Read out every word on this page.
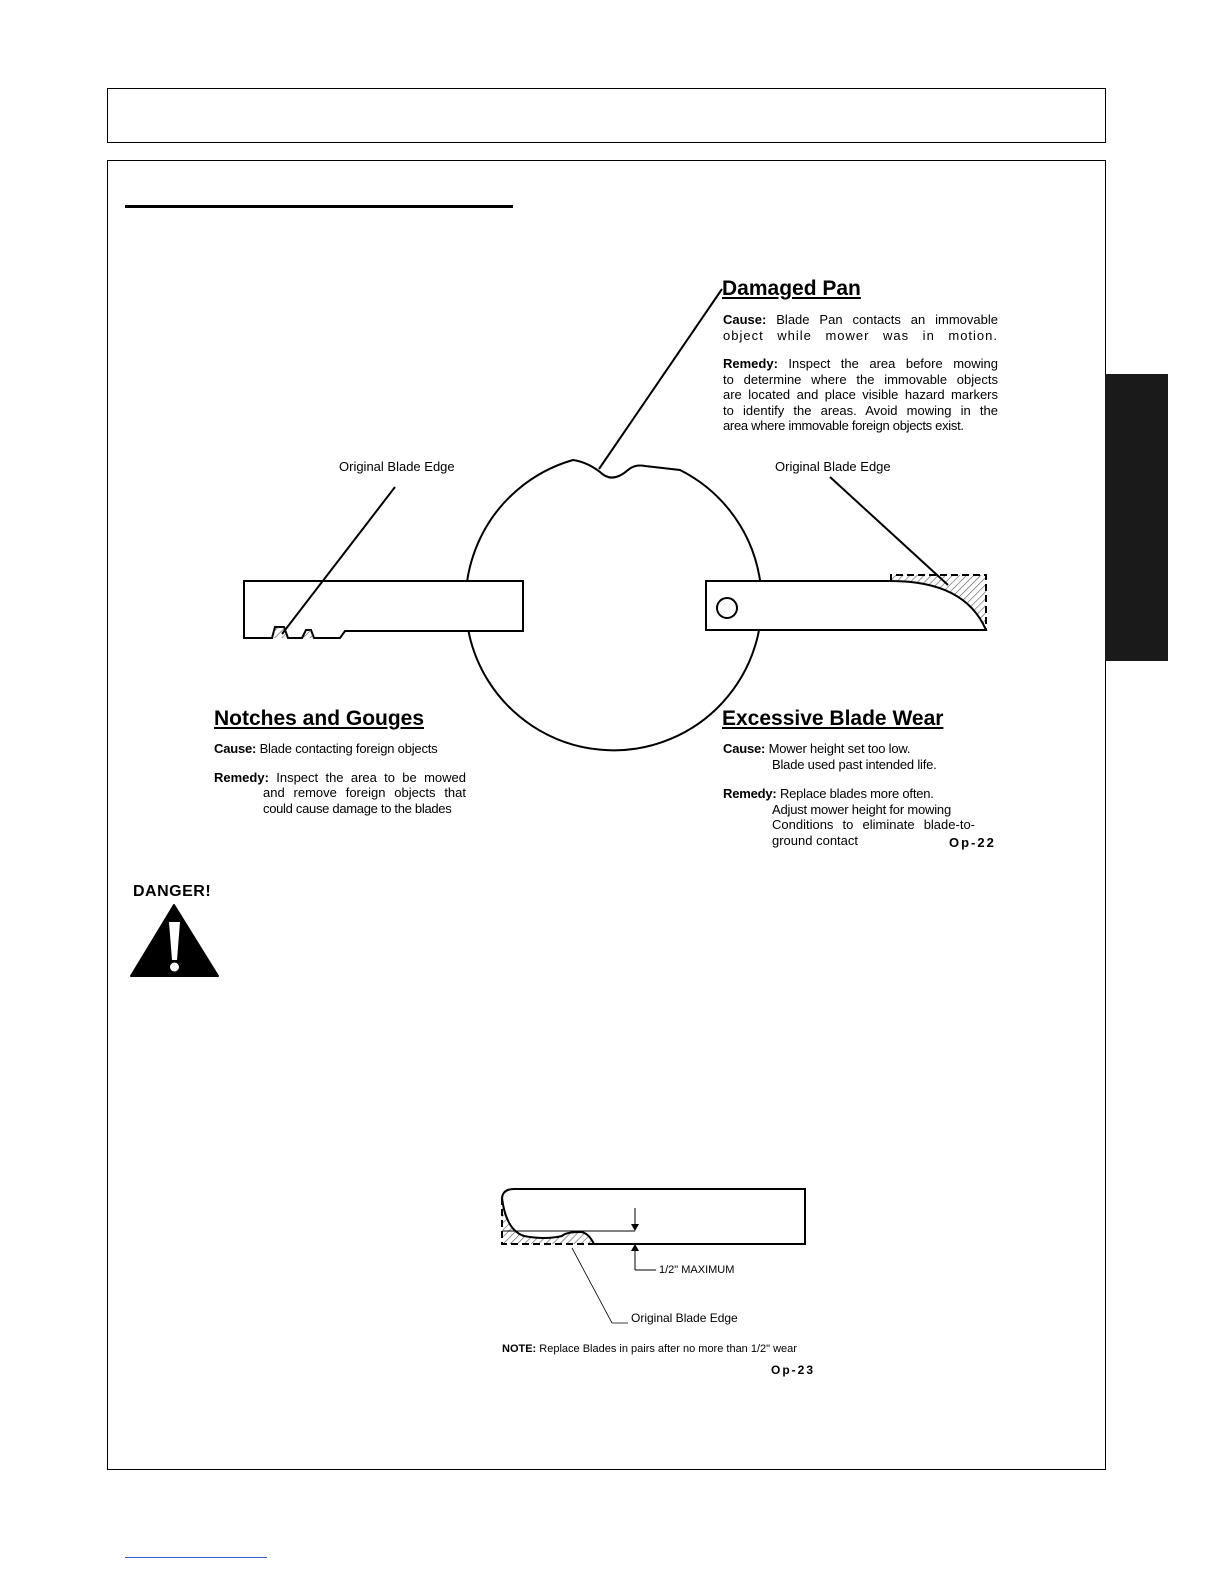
Damaged Pan
Cause: Blade Pan contacts an immovable
object while mower was in motion.
Remedy: Inspect the area before mowing
to determine where the immovable objects
are located and place visible hazard markers
to identify the areas. Avoid mowing in the
area where immovable foreign objects exist.
Original Blade Edge	Original Blade Edge
Notches and Gouges
Cause: Blade contacting foreign objects
Remedy: Inspect the area to be mowed
and remove foreign objects that
could cause damage to the blades
Excessive Blade Wear
Cause: Mower height set too low.
Blade used past intended life.
Remedy: Replace blades more often.
Adjust mower height for mowing
Conditions to eliminate blade-to-
ground contact	Op-22
DANGER!
1/2" MAXIMUM
Original Blade Edge
NOTE: Replace Blades in pairs after no more than 1/2" wear
Op-23
